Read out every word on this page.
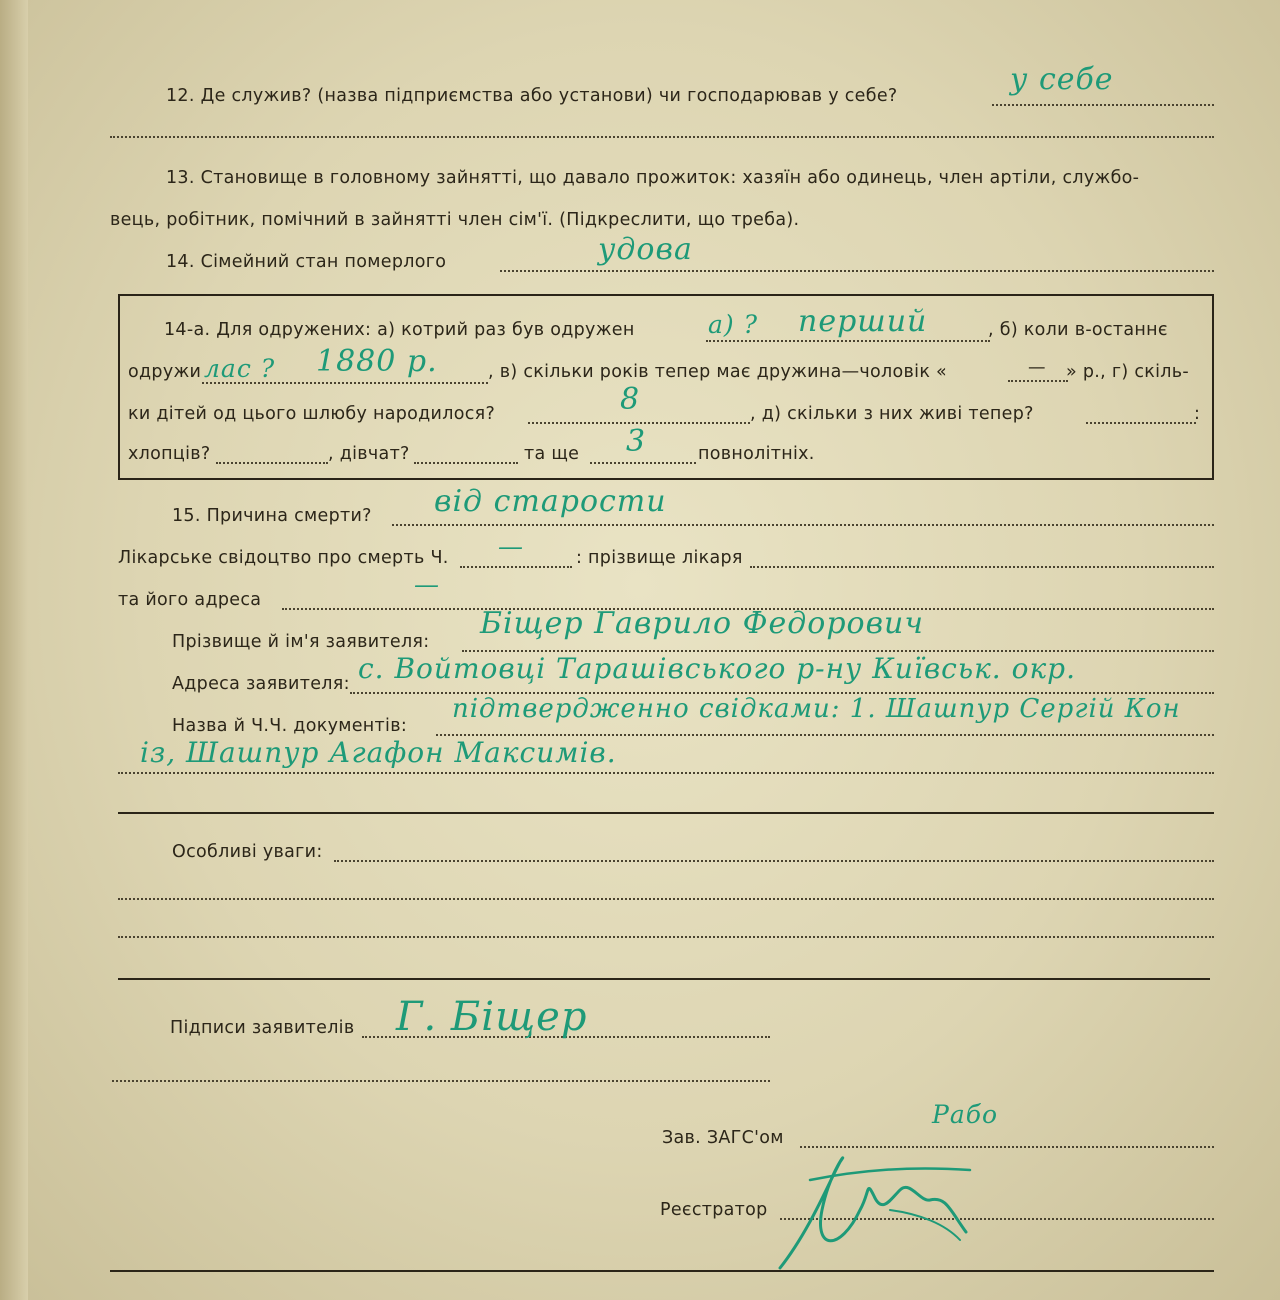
12. Де служив? (назва підприємства або установи) чи господарював у себе?	у себе
13. Становище в головному зайнятті, що давало прожиток: хазяїн або одинець, член артіли, службо-
вець, робітник, помічний в зайнятті член сім'ї. (Підкреслити, що треба).
14. Сімейний стан померлого	удова
14-а. Для одружених: а) котрий раз був одружен	а) ? перший	, б) коли в-останнє
одружи лас ? 1880 р.	, в) скільки років тепер має дружина—чоловік «	— » р., г) скіль-
ки дітей од цього шлюбу народилося?	8	, д) скільки з них живі тепер?	:
хлопців?	, дівчат?	та ще 3	повнолітніх.
15. Причина смерти? від старости
Лікарське свідоцтво про смерть Ч. —	: прізвище лікаря
та його адреса
—
Прізвище й ім'я заявителя:
Біщер Гаврило Федорович
Адреса заявителя: с. Войтовці Тарашівського р-ну Київськ. окр.
Назва й Ч.Ч. документів:
підтвердженно свідками: 1. Шашпур Сергій Кон
із, Шашпур Агафон Максимів.
Особливі уваги:
Підписи заявителів Г. Біщер
Зав. ЗАГС'ом
Рабо
Реєстратор
